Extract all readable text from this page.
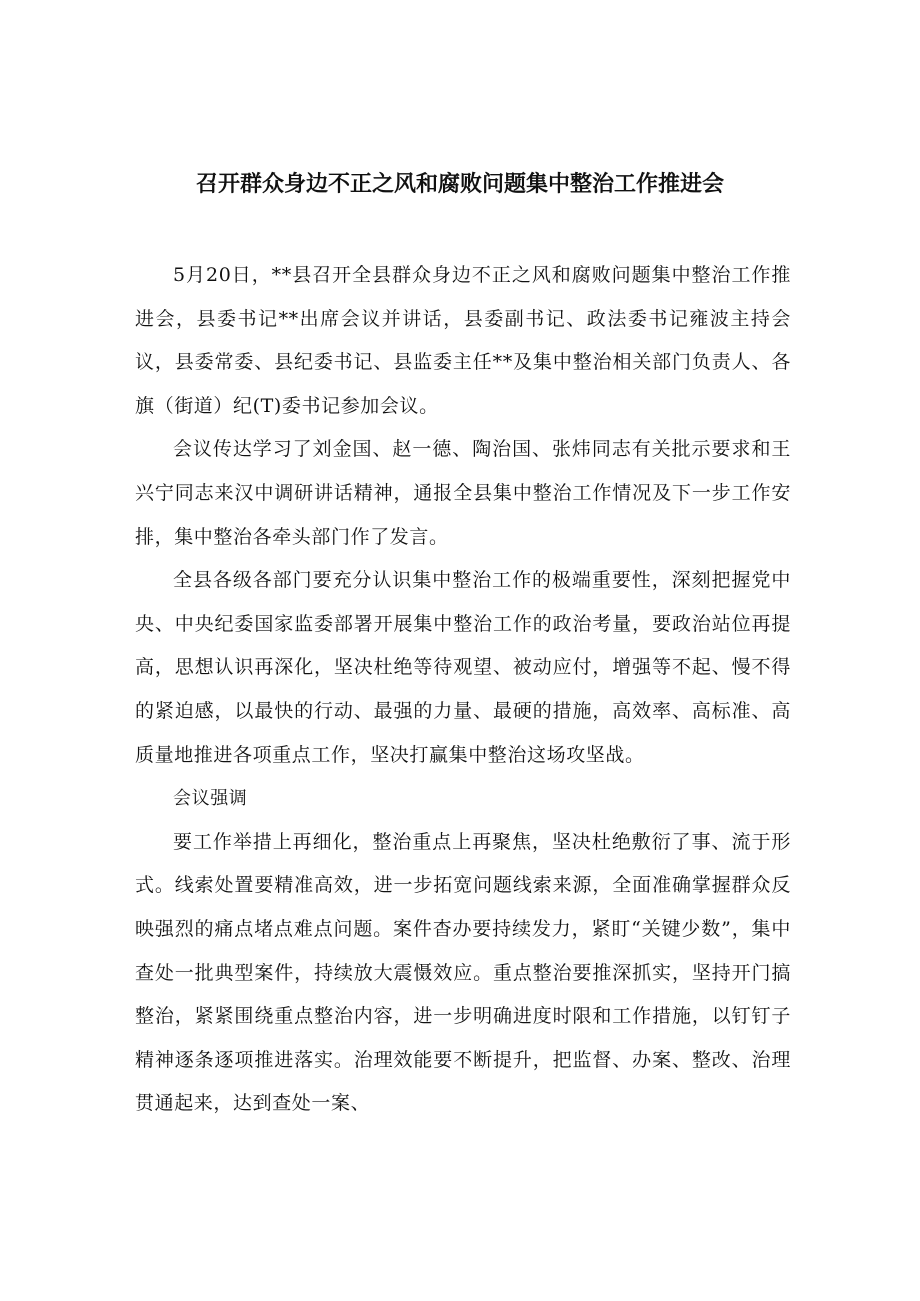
召开群众身边不正之风和腐败问题集中整治工作推进会

5月20日，**县召开全县群众身边不正之风和腐败问题集中整治工作推进会，县委书记**出席会议并讲话，县委副书记、政法委书记雍波主持会议，县委常委、县纪委书记、县监委主任**及集中整治相关部门负责人、各旗（街道）纪(T)委书记参加会议。

会议传达学习了刘金国、赵一德、陶治国、张炜同志有关批示要求和王兴宁同志来汉中调研讲话精神，通报全县集中整治工作情况及下一步工作安排，集中整治各牵头部门作了发言。

全县各级各部门要充分认识集中整治工作的极端重要性，深刻把握党中央、中央纪委国家监委部署开展集中整治工作的政治考量，要政治站位再提高，思想认识再深化，坚决杜绝等待观望、被动应付，增强等不起、慢不得的紧迫感，以最快的行动、最强的力量、最硬的措施，高效率、高标准、高质量地推进各项重点工作，坚决打赢集中整治这场攻坚战。

会议强调

要工作举措上再细化，整治重点上再聚焦，坚决杜绝敷衍了事、流于形式。线索处置要精准高效，进一步拓宽问题线索来源，全面准确掌握群众反映强烈的痛点堵点难点问题。案件杳办要持续发力，紧盯“关键少数”，集中查处一批典型案件，持续放大震慑效应。重点整治要推深抓实，坚持开门搞整治，紧紧围绕重点整治内容，进一步明确进度时限和工作措施，以钉钉子精神逐条逐项推进落实。治理效能要不断提升，把监督、办案、整改、治理贯通起来，达到查处一案、
